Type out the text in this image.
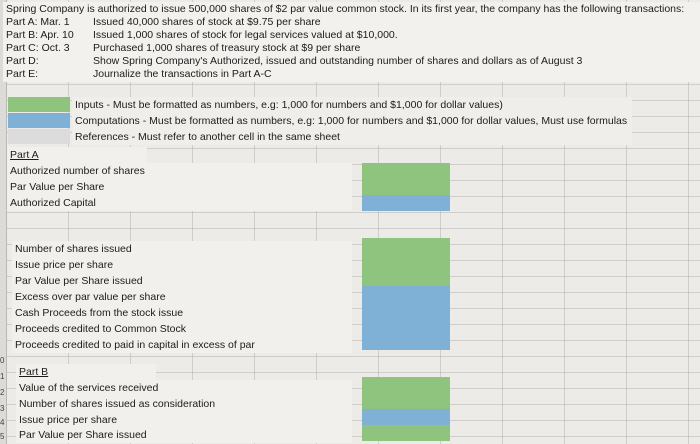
0
1
2
3
4
5
Spring Company is authorized to issue 500,000 shares of $2 par value common stock. In its first year, the company has the following transactions:
Part A: Mar. 1 Issued 40,000 shares of stock at $9.75 per share
Part B: Apr. 10 Issued 1,000 shares of stock for legal services valued at $10,000.
Part C: Oct. 3 Purchased 1,000 shares of treasury stock at $9 per share
Part D:	Show Spring Company's Authorized, issued and outstanding number of shares and dollars as of August 3
Part E:	Journalize the transactions in Part A-C
Inputs - Must be formatted as numbers, e.g: 1,000 for numbers and $1,000 for dollar values)
Computations - Must be formatted as numbers, e.g: 1,000 for numbers and $1,000 for dollar values, Must use formulas
References - Must refer to another cell in the same sheet
Part A
Authorized number of shares
Par Value per Share
Authorized Capital
Number of shares issued
Issue price per share
Par Value per Share issued
Excess over par value per share
Cash Proceeds from the stock issue
Proceeds credited to Common Stock
Proceeds credited to paid in capital in excess of par
Part B
Value of the services received
Number of shares issued as consideration
Issue price per share
Par Value per Share issued
